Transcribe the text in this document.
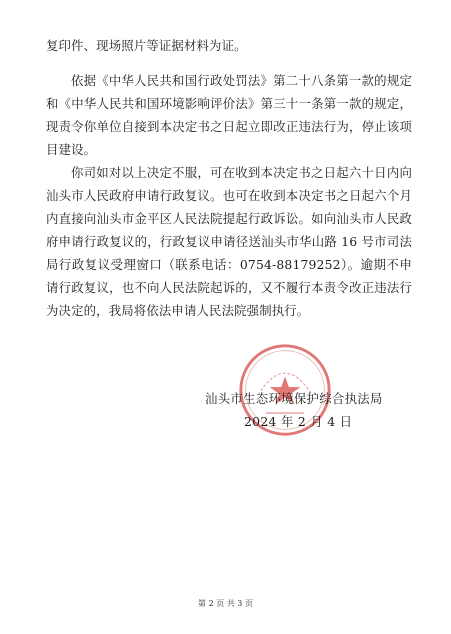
复印件、现场照片等证据材料为证。

依据《中华人民共和国行政处罚法》第二十八条第一款的规定和《中华人民共和国环境影响评价法》第三十一条第一款的规定，现责令你单位自接到本决定书之日起立即改正违法行为，停止该项目建设。

你司如对以上决定不服，可在收到本决定书之日起六十日内向汕头市人民政府申请行政复议。也可在收到本决定书之日起六个月内直接向汕头市金平区人民法院提起行政诉讼。如向汕头市人民政府申请行政复议的，行政复议申请径送汕头市华山路 16 号市司法局行政复议受理窗口（联系电话：0754-88179252）。逾期不申请行政复议，也不向人民法院起诉的，又不履行本责令改正违法行为决定的，我局将依法申请人民法院强制执行。

汕头市生态环境保护综合执法局
2024 年 2 月 4 日
第 2 页 共 3 页
